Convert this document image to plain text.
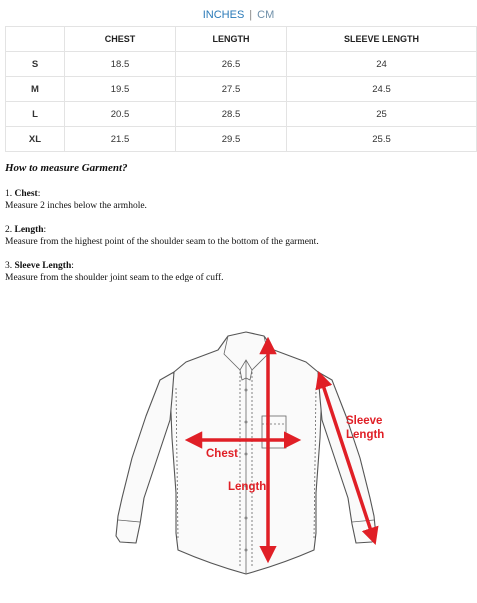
INCHES | CM
	CHEST	LENGTH	SLEEVE LENGTH
S	18.5	26.5	24
M	19.5	27.5	24.5
L	20.5	28.5	25
XL	21.5	29.5	25.5
How to measure Garment?
1. Chest:
Measure 2 inches below the armhole.
2. Length:
Measure from the highest point of the shoulder seam to the bottom of the garment.
3. Sleeve Length:
Measure from the shoulder joint seam to the edge of cuff.
Chest
Length
Sleeve
Length
